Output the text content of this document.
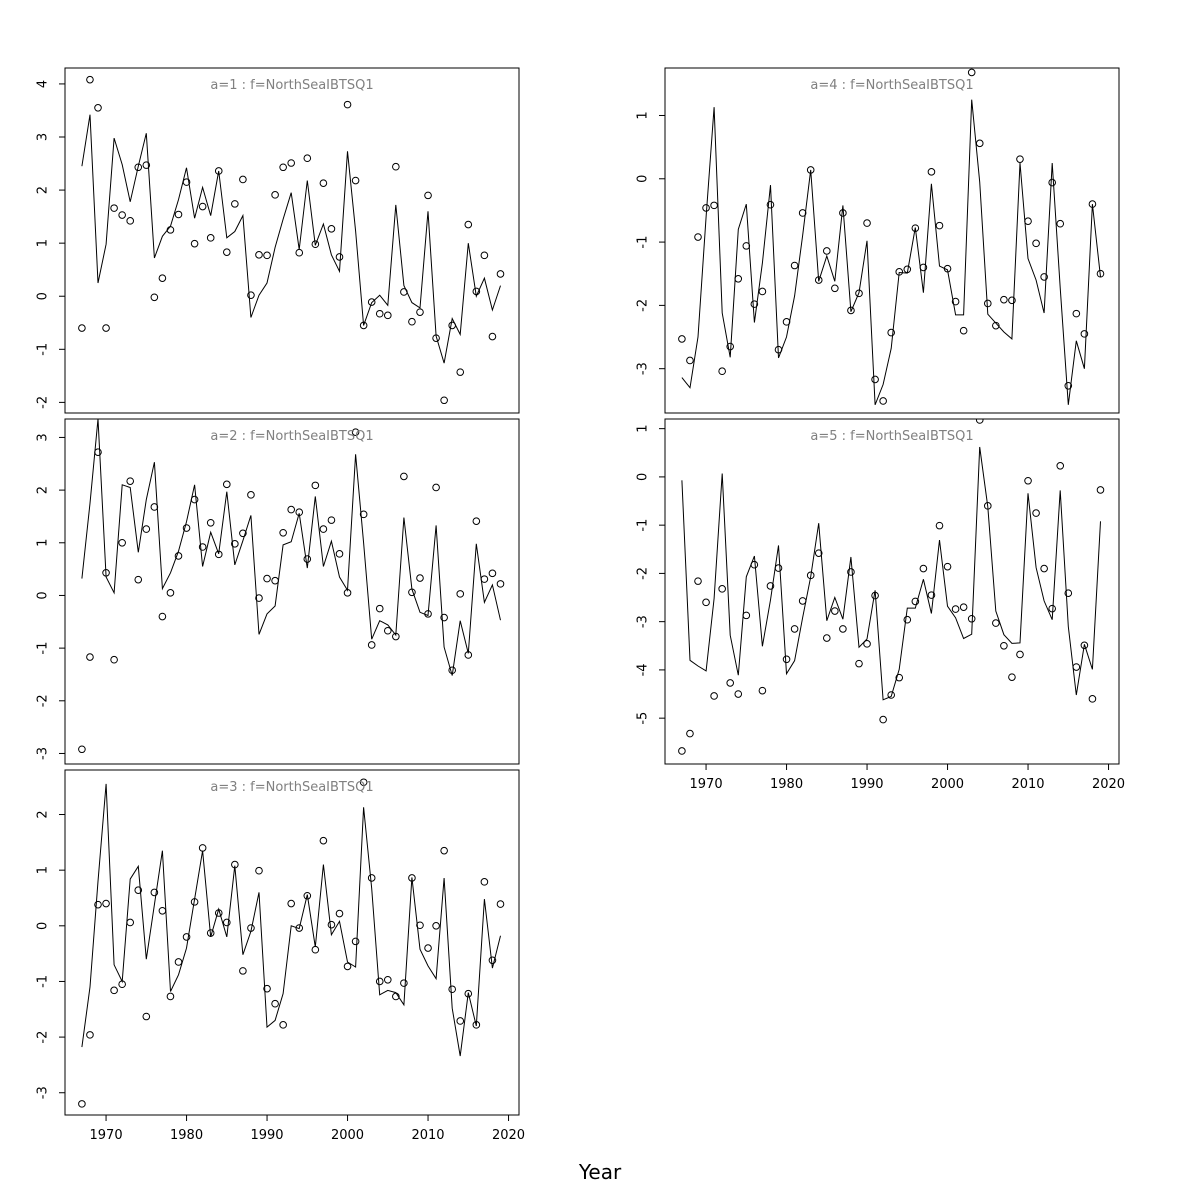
-2
-1
0
1
2
3
4	a=1 : f=NorthSeaIBTSQ1
-3
-2
-1
0
1
2
3	a=2 : f=NorthSeaIBTSQ1
-3
-2
-1
0
1
2
1970	1980	1990	2000	2010	2020
a=3 : f=NorthSeaIBTSQ1
-3
-2
-1
0
1
a=4 : f=NorthSeaIBTSQ1
-5
-4
-3
-2
-1
0
1
1970	1980	1990	2000	2010	2020
a=5 : f=NorthSeaIBTSQ1
Year
